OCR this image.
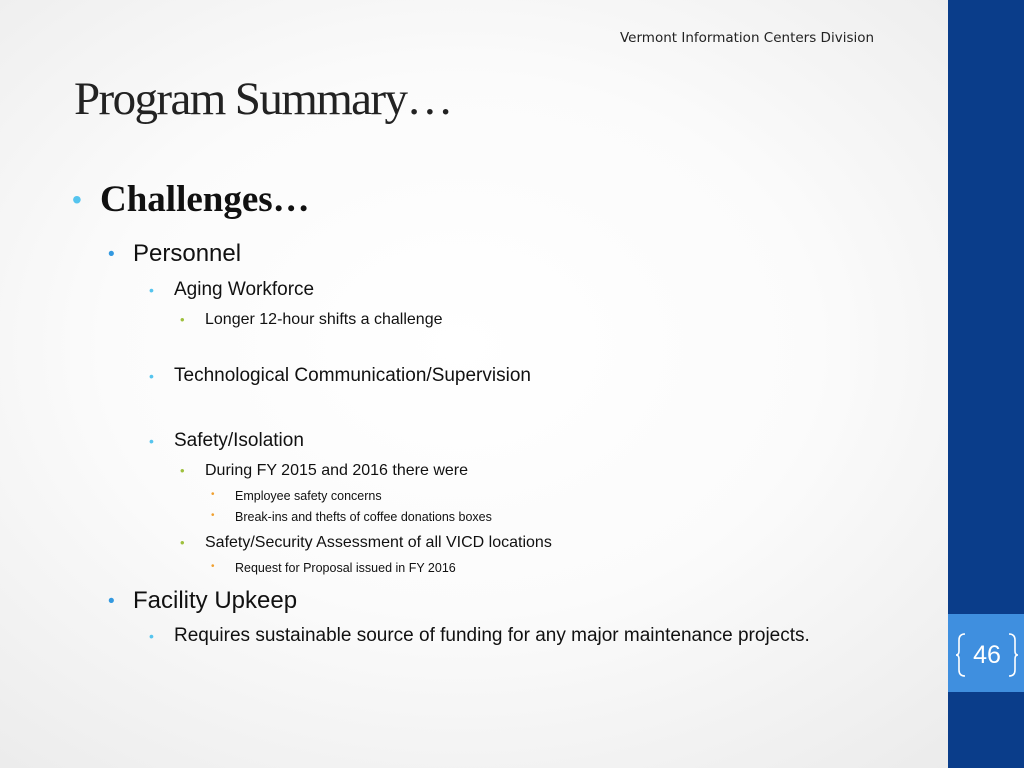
46
Vermont Information Centers Division
Program Summary…
• Challenges…
• Personnel
• Aging Workforce
• Longer 12-hour shifts a challenge
• Technological Communication/Supervision
• Safety/Isolation
• During FY 2015 and 2016 there were
• Employee safety concerns
• Break-ins and thefts of coffee donations boxes
• Safety/Security Assessment of all VICD locations
• Request for Proposal issued in FY 2016
• Facility Upkeep
• Requires sustainable source of funding for any major maintenance projects.
